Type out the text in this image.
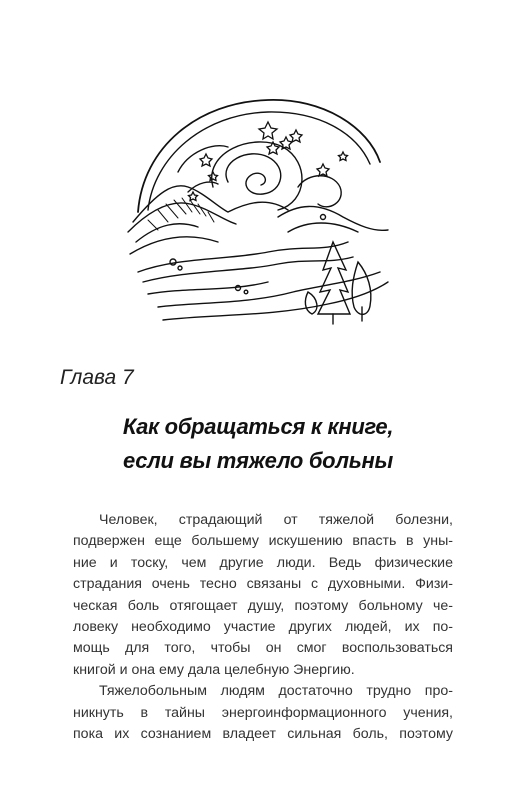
Глава 7
Как обращаться к книге,
если вы тяжело больны
Человек, страдающий от тяжелой болезни,
подвержен еще большему искушению впасть в уны-
ние и тоску, чем другие люди. Ведь физические
страдания очень тесно связаны с духовными. Физи-
ческая боль отягощает душу, поэтому больному че-
ловеку необходимо участие других людей, их по-
мощь для того, чтобы он смог воспользоваться
книгой и она ему дала целебную Энергию.
Тяжелобольным людям достаточно трудно про-
никнуть в тайны энергоинформационного учения,
пока их сознанием владеет сильная боль, поэтому
